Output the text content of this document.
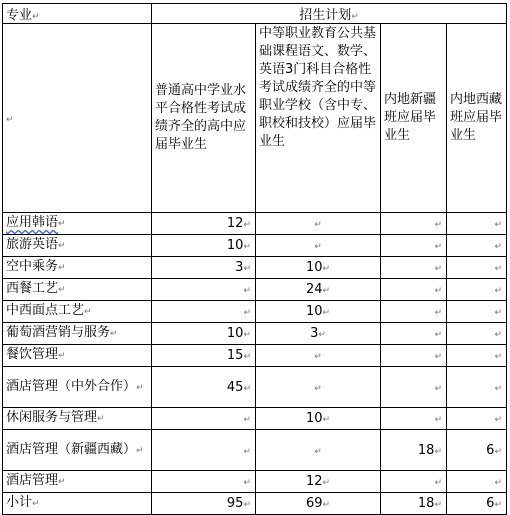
专业↵	招生计划↵			
↵	普通高中学业水平合格性考试成绩齐全的高中应届毕业生	中等职业教育公共基础课程语文、数学、英语3门科目合格性考试成绩齐全的中等职业学校（含中专、职校和技校）应届毕业生	内地新疆班应届毕业生	内地西藏班应届毕业生

应用韩语↵	12↵	↵	↵	↵
旅游英语↵	10↵	↵	↵	↵
空中乘务↵	3↵	10↵	↵	↵
西餐工艺↵	↵	24↵	↵	↵
中西面点工艺↵	↵	10↵	↵	↵
葡萄酒营销与服务↵	10↵	3↵	↵	↵
餐饮管理↵	15↵	↵	↵	↵
酒店管理（中外合作）↵	45↵	↵	↵	↵
休闲服务与管理↵	↵	10↵	↵	↵
酒店管理（新疆西藏）↵	↵	↵	18↵	6↵
酒店管理↵	↵	12↵	↵	↵
小计↵	95↵	69↵	18↵	6↵
